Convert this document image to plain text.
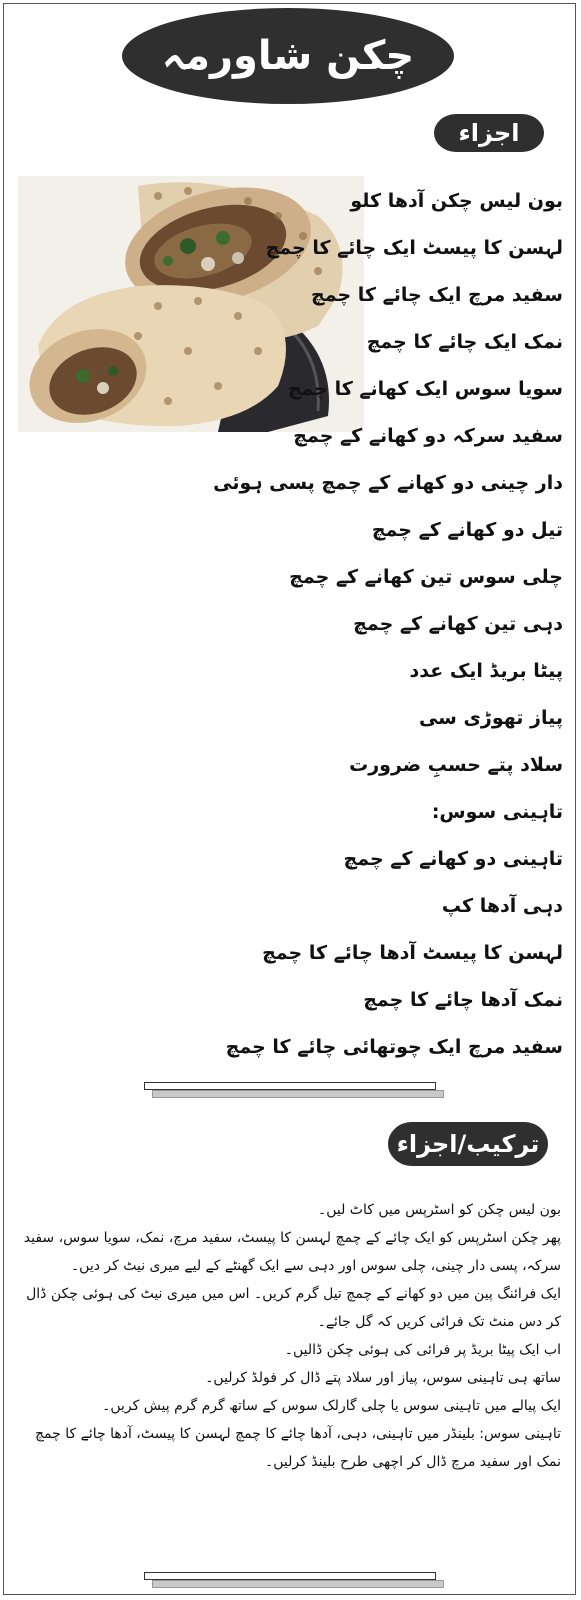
چکن شاورمہ
اجزاء
بون لیس چکن آدھا کلو
لہسن کا پیسٹ ایک چائے کا چمچ
سفید مرچ ایک چائے کا چمچ
نمک ایک چائے کا چمچ
سویا سوس ایک کھانے کا چمچ
سفید سرکہ دو کھانے کے چمچ
دار چینی دو کھانے کے چمچ پسی ہوئی
تیل دو کھانے کے چمچ
چلی سوس تین کھانے کے چمچ
دہی تین کھانے کے چمچ
پیٹا بریڈ ایک عدد
پیاز تھوڑی سی
سلاد پتے حسبِ ضرورت
تاہینی سوس:
تاہینی دو کھانے کے چمچ
دہی آدھا کپ
لہسن کا پیسٹ آدھا چائے کا چمچ
نمک آدھا چائے کا چمچ
سفید مرچ ایک چوتھائی چائے کا چمچ
ترکیب/اجزاء

بون لیس چکن کو اسٹرپس میں کاٹ لیں۔

پھر چکن اسٹرپس کو ایک چائے کے چمچ لہسن کا پیسٹ، سفید مرچ، نمک، سویا سوس، سفید سرکہ، پسی دار چینی، چلی سوس اور دہی سے ایک گھنٹے کے لیے میری نیٹ کر دیں۔

ایک فرائنگ پین میں دو کھانے کے چمچ تیل گرم کریں۔ اس میں میری نیٹ کی ہوئی چکن ڈال کر دس منٹ تک فرائی کریں کہ گل جائے۔

اب ایک پیٹا بریڈ پر فرائی کی ہوئی چکن ڈالیں۔

ساتھ ہی تاہینی سوس، پیاز اور سلاد پتے ڈال کر فولڈ کرلیں۔

ایک پیالے میں تاہینی سوس یا چلی گارلک سوس کے ساتھ گرم گرم پیش کریں۔

تاہینی سوس: بلینڈر میں تاہینی، دہی، آدھا چائے کا چمچ لہسن کا پیسٹ، آدھا چائے کا چمچ نمک اور سفید مرچ ڈال کر اچھی طرح بلینڈ کرلیں۔
